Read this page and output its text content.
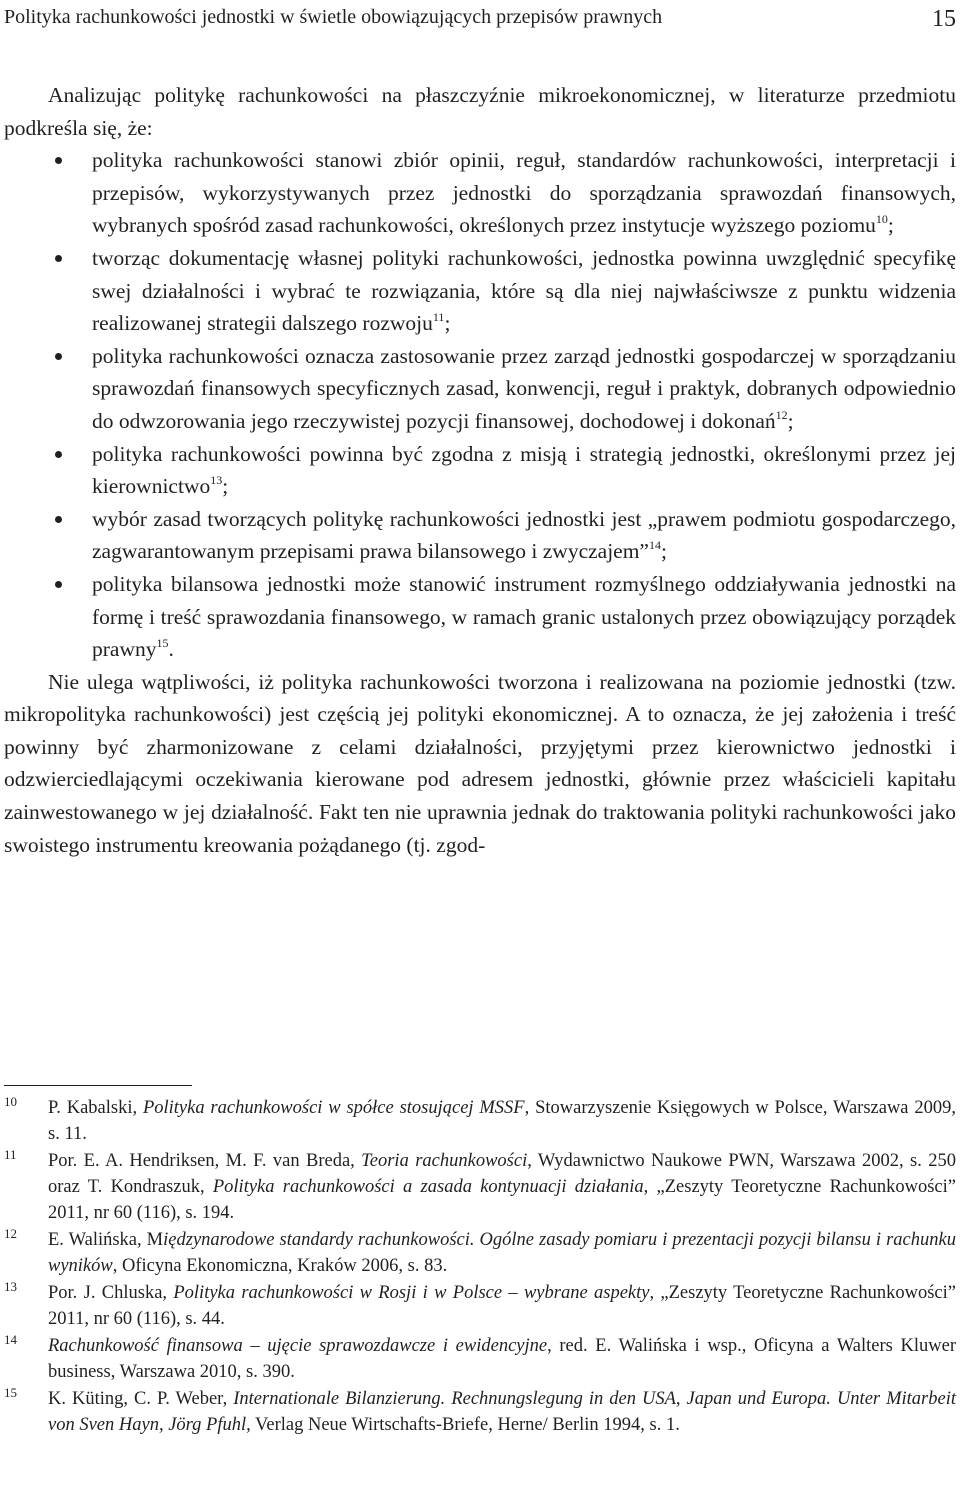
Polityka rachunkowości jednostki w świetle obowiązujących przepisów prawnych	15

Analizując politykę rachunkowości na płaszczyźnie mikroekonomicznej, w literaturze przedmiotu podkreśla się, że:

polityka rachunkowości stanowi zbiór opinii, reguł, standardów rachunkowości, interpretacji i przepisów, wykorzystywanych przez jednostki do sporządzania sprawozdań finansowych, wybranych spośród zasad rachunkowości, określonych przez instytucje wyższego poziomu$^{10}$;
tworząc dokumentację własnej polityki rachunkowości, jednostka powinna uwzględnić specyfikę swej działalności i wybrać te rozwiązania, które są dla niej najwłaściwsze z punktu widzenia realizowanej strategii dalszego rozwoju$^{11}$;
polityka rachunkowości oznacza zastosowanie przez zarząd jednostki gospodarczej w sporządzaniu sprawozdań finansowych specyficznych zasad, konwencji, reguł i praktyk, dobranych odpowiednio do odwzorowania jego rzeczywistej pozycji finansowej, dochodowej i dokonań$^{12}$;
polityka rachunkowości powinna być zgodna z misją i strategią jednostki, określonymi przez jej kierownictwo$^{13}$;
wybór zasad tworzących politykę rachunkowości jednostki jest „prawem podmiotu gospodarczego, zagwarantowanym przepisami prawa bilansowego i zwyczajem”$^{14}$;
polityka bilansowa jednostki może stanowić instrument rozmyślnego oddziaływania jednostki na formę i treść sprawozdania finansowego, w ramach granic ustalonych przez obowiązujący porządek prawny$^{15}$.

Nie ulega wątpliwości, iż polityka rachunkowości tworzona i realizowana na poziomie jednostki (tzw. mikropolityka rachunkowości) jest częścią jej polityki ekonomicznej. A to oznacza, że jej założenia i treść powinny być zharmonizowane z celami działalności, przyjętymi przez kierownictwo jednostki i odzwierciedlającymi oczekiwania kierowane pod adresem jednostki, głównie przez właścicieli kapitału zainwestowanego w jej działalność. Fakt ten nie uprawnia jednak do traktowania polityki rachunkowości jako swoistego instrumentu kreowania pożądanego (tj. zgod-

10 P. Kabalski, Polityka rachunkowości w spółce stosującej MSSF, Stowarzyszenie Księgowych w Polsce, Warszawa 2009, s. 11.

11 Por. E. A. Hendriksen, M. F. van Breda, Teoria rachunkowości, Wydawnictwo Naukowe PWN, Warszawa 2002, s. 250 oraz T. Kondraszuk, Polityka rachunkowości a zasada kontynuacji działania, „Zeszyty Teoretyczne Rachunkowości” 2011, nr 60 (116), s. 194.

12 E. Walińska, Międzynarodowe standardy rachunkowości. Ogólne zasady pomiaru i prezentacji pozycji bilansu i rachunku wyników, Oficyna Ekonomiczna, Kraków 2006, s. 83.

13 Por. J. Chluska, Polityka rachunkowości w Rosji i w Polsce – wybrane aspekty, „Zeszyty Teoretyczne Rachunkowości” 2011, nr 60 (116), s. 44.

14 Rachunkowość finansowa – ujęcie sprawozdawcze i ewidencyjne, red. E. Walińska i wsp., Oficyna a Walters Kluwer business, Warszawa 2010, s. 390.

15 K. Küting, C. P. Weber, Internationale Bilanzierung. Rechnungslegung in den USA, Japan und Europa. Unter Mitarbeit von Sven Hayn, Jörg Pfuhl, Verlag Neue Wirtschafts-Briefe, Herne/ Berlin 1994, s. 1.
